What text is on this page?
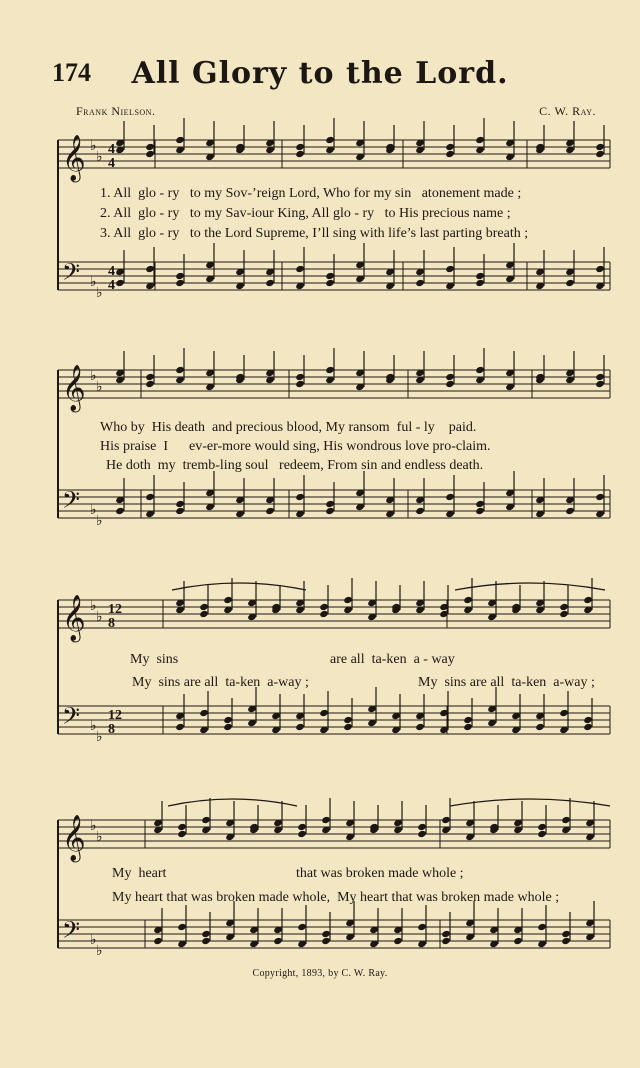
174	All Glory to the Lord.
Frank Nielson.	C. W. Ray.
𝄞 ♭
♭
𝄢 ♭
♭
𝄞 ♭
♭
𝄢 ♭
♭
𝄞 ♭
♭
𝄢 ♭
♭
𝄞 ♭
♭
𝄢 ♭
♭
4
4
4
4
12
8
12
8
1. All  glo - ry   to my Sov-’reign Lord, Who for my sin   atonement made ;
2. All  glo - ry   to my Sav-iour King, All glo - ry   to His precious name ;
3. All  glo - ry   to the Lord Supreme, I’ll sing with life’s last parting breath ;
Who by  His death  and precious blood, My ransom  ful - ly    paid.
His praise  I      ev-er-more would sing, His wondrous love pro-claim.
He doth  my  tremb-ling soul   redeem, From sin and endless death.
My  sins	are all  ta-ken  a - way
My  sins are all  ta-ken  a-way ;	My  sins are all  ta-ken  a-way ;
My  heart	that was broken made whole ;
My heart that was broken made whole,  My heart that was broken made whole ;
Copyright, 1893, by C. W. Ray.
